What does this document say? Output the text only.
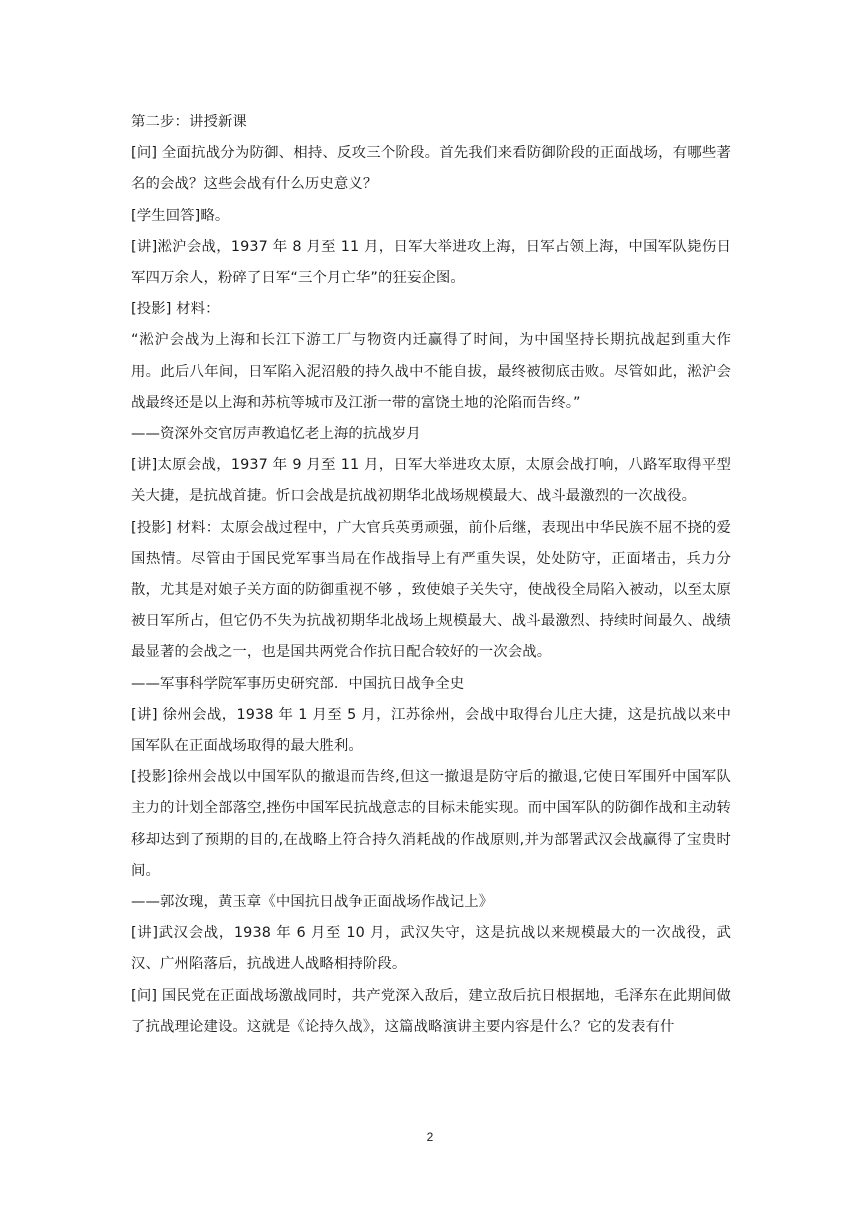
第二步：讲授新课

[问] 全面抗战分为防御、相持、反攻三个阶段。首先我们来看防御阶段的正面战场，有哪些著名的会战？这些会战有什么历史意义？

[学生回答]略。

[讲]淞沪会战，1937 年 8 月至 11 月，日军大举进攻上海，日军占领上海，中国军队毙伤日军四万余人，粉碎了日军“三个月亡华”的狂妄企图。

[投影] 材料：

“淞沪会战为上海和长江下游工厂与物资内迁赢得了时间，为中国坚持长期抗战起到重大作用。此后八年间，日军陷入泥沼般的持久战中不能自拔，最终被彻底击败。尽管如此，淞沪会战最终还是以上海和苏杭等城市及江浙一带的富饶土地的沦陷而告终。”

——资深外交官厉声教追忆老上海的抗战岁月

[讲]太原会战，1937 年 9 月至 11 月，日军大举进攻太原，太原会战打响，八路军取得平型关大捷，是抗战首捷。忻口会战是抗战初期华北战场规模最大、战斗最激烈的一次战役。

[投影] 材料：太原会战过程中，广大官兵英勇顽强，前仆后继，表现出中华民族不屈不挠的爱国热情。尽管由于国民党军事当局在作战指导上有严重失误，处处防守，正面堵击，兵力分散，尤其是对娘子关方面的防御重视不够 ，致使娘子关失守，使战役全局陷入被动，以至太原被日军所占，但它仍不失为抗战初期华北战场上规模最大、战斗最激烈、持续时间最久、战绩最显著的会战之一，也是国共两党合作抗日配合较好的一次会战。

——军事科学院军事历史研究部．中国抗日战争全史

[讲] 徐州会战，1938 年 1 月至 5 月，江苏徐州，会战中取得台儿庄大捷，这是抗战以来中国军队在正面战场取得的最大胜利。

[投影]徐州会战以中国军队的撤退而告终,但这一撤退是防守后的撤退,它使日军围歼中国军队主力的计划全部落空,挫伤中国军民抗战意志的目标未能实现。而中国军队的防御作战和主动转移却达到了预期的目的,在战略上符合持久消耗战的作战原则,并为部署武汉会战赢得了宝贵时间。

——郭汝瑰，黄玉章《中国抗日战争正面战场作战记上》

[讲]武汉会战，1938 年 6 月至 10 月，武汉失守，这是抗战以来规模最大的一次战役，武汉、广州陷落后，抗战进人战略相持阶段。

[问] 国民党在正面战场激战同时，共产党深入敌后，建立敌后抗日根据地，毛泽东在此期间做了抗战理论建设。这就是《论持久战》，这篇战略演讲主要内容是什么？它的发表有什

2
